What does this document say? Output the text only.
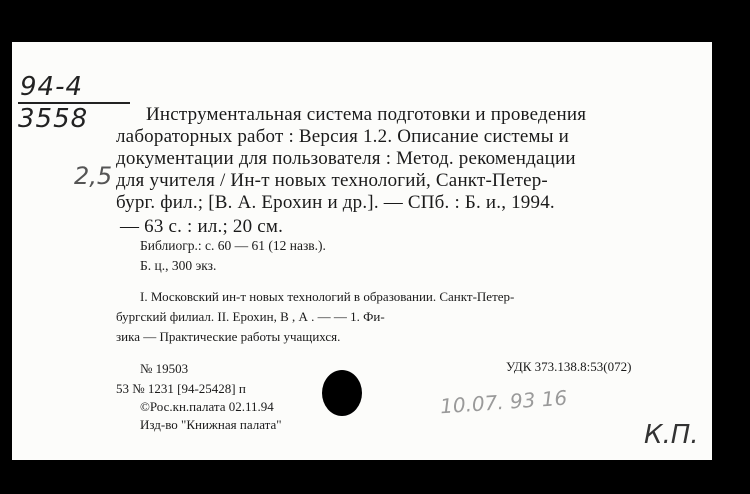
94-4
3558
2,5
Инструментальная система подготовки и проведения
лабораторных работ : Версия 1.2. Описание системы и
документации для пользователя : Метод. рекомендации
для учителя / Ин-т новых технологий, Санкт-Петер-
бург. фил.; [В. А. Ерохин и др.]. — СПб. : Б. и., 1994.
— 63 с. : ил.; 20 см.
Библиогр.: с. 60 — 61 (12 назв.).
Б. ц., 300 экз.
I. Московский ин-т новых технологий в образовании. Санкт-Петер-
бургский филиал. II. Ерохин, В , А . — — 1. Фи-
зика — Практические работы учащихся.
№ 19503	УДК 373.138.8:53(072)
53 № 1231 [94-25428] п
©Рос.кн.палата 02.11.94
Изд-во "Книжная палата"
10.07. 93 16
К.П.
